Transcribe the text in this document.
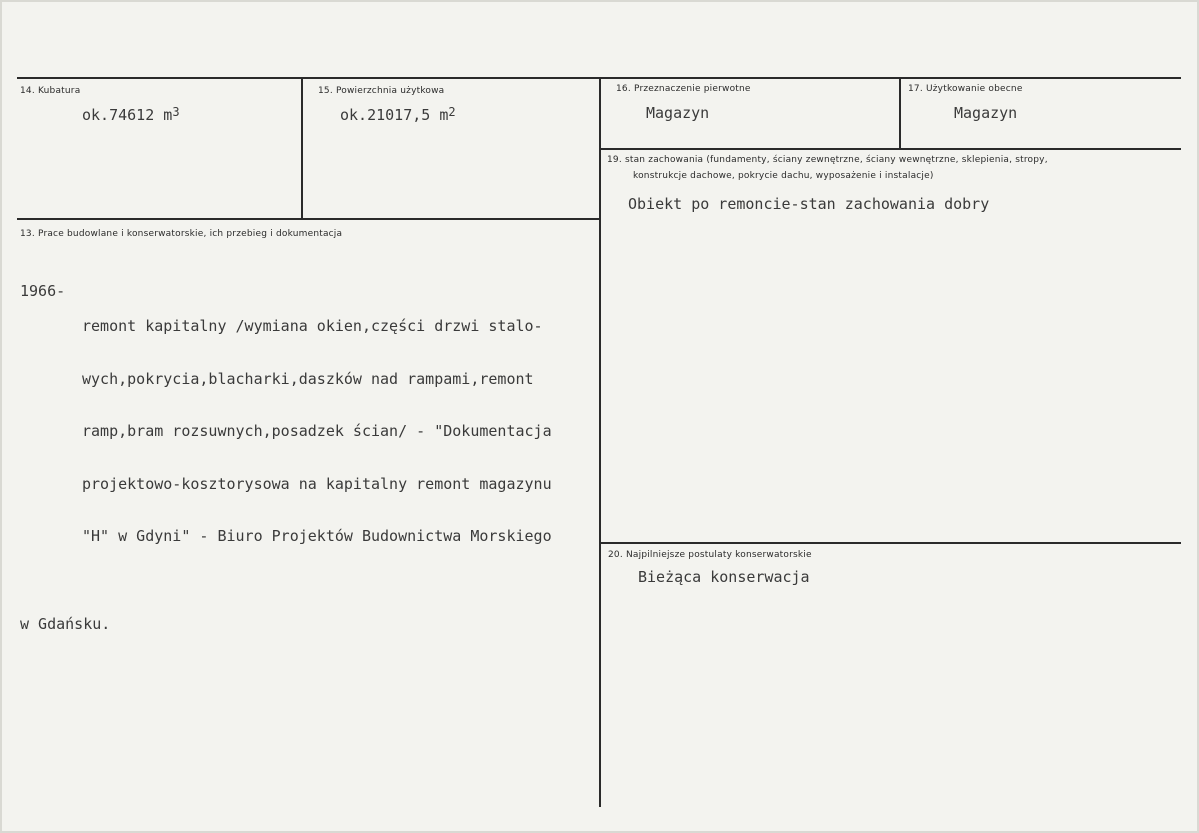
14. Kubatura
ok.74612 $m^3$
15. Powierzchnia użytkowa
ok.21017,5 $m^2$
16. Przeznaczenie pierwotne
Magazyn
17. Użytkowanie obecne
Magazyn
13. Prace budowlane i konserwatorskie, ich przebieg i dokumentacja

1966-

remont kapitalny /wymiana okien,części drzwi stalo-

wych,pokrycia,blacharki,daszków nad rampami,remont

ramp,bram rozsuwnych,posadzek ścian/ - "Dokumentacja

projektowo-kosztorysowa na kapitalny remont magazynu

"H" w Gdyni" - Biuro Projektów Budownictwa Morskiego

w Gdańsku.

19. stan zachowania (fundamenty, ściany zewnętrzne, ściany wewnętrzne, sklepienia, stropy,
konstrukcje dachowe, pokrycie dachu, wyposażenie i instalacje)
Obiekt po remoncie-stan zachowania dobry
20. Najpilniejsze postulaty konserwatorskie
Bieżąca konserwacja
